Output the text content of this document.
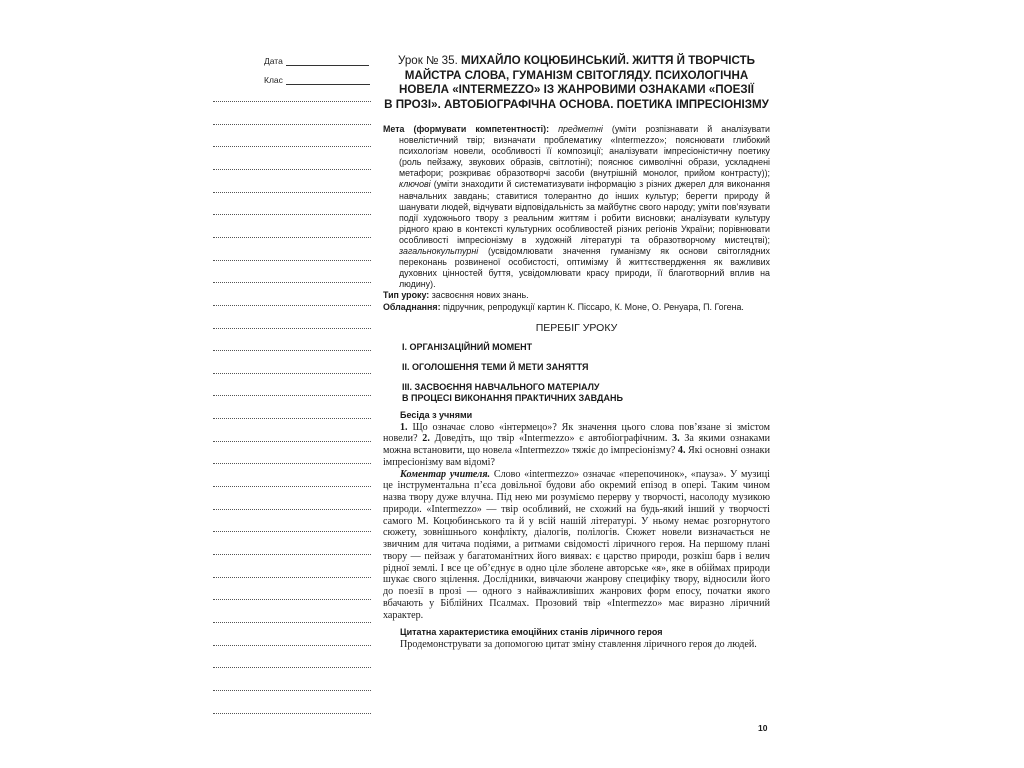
Дата
Клас
Урок № 35. МИХАЙЛО КОЦЮБИНСЬКИЙ. ЖИТТЯ Й ТВОРЧІСТЬ
МАЙСТРА СЛОВА, ГУМАНІЗМ СВІТОГЛЯДУ. ПСИХОЛОГІЧНА
НОВЕЛА «INTERMEZZO» ІЗ ЖАНРОВИМИ ОЗНАКАМИ «ПОЕЗІЇ
В ПРОЗІ». АВТОБІОГРАФІЧНА ОСНОВА. ПОЕТИКА ІМПРЕСІОНІЗМУ
Мета (формувати компетентності): предметні (уміти розпізнавати й аналізувати новелістичний твір; визначати проблематику «Intermezzo»; пояснювати глибокий психологізм новели, особливості її композиції; аналізувати імпресіоністичну поетику (роль пейзажу, звукових образів, світлотіні); пояснює символічні образи, ускладнені метафори; розкриває образотворчі засоби (внутрішній монолог, прийом контрасту)); ключові (уміти знаходити й систематизувати інформацію з різних джерел для виконання навчальних завдань; ставитися толерантно до інших культур; берегти природу й шанувати людей, відчувати відповідальність за майбутнє свого народу; уміти пов’язувати події художнього твору з реальним життям і робити висновки; аналізувати культуру рідного краю в контексті культурних особливостей різних регіонів України; порівнювати особливості імпресіонізму в художній літературі та образотворчому мистецтві); загальнокультурні (усвідомлювати значення гуманізму як основи світоглядних переконань розвиненої особистості, оптимізму й життєствердження як важливих духовних цінностей буття, усвідомлювати красу природи, її благотворний вплив на людину).
Тип уроку: засвоєння нових знань.
Обладнання: підручник, репродукції картин К. Піссаро, К. Моне, О. Ренуара, П. Гогена.
ПЕРЕБІГ УРОКУ
I. ОРГАНІЗАЦІЙНИЙ МОМЕНТ
II. ОГОЛОШЕННЯ ТЕМИ Й МЕТИ ЗАНЯТТЯ
III. ЗАСВОЄННЯ НАВЧАЛЬНОГО МАТЕРІАЛУ
В ПРОЦЕСІ ВИКОНАННЯ ПРАКТИЧНИХ ЗАВДАНЬ
Бесіда з учнями

1. Що означає слово «інтермецо»? Як значення цього слова пов’язане зі змістом новели? 2. Доведіть, що твір «Intermezzo» є автобіографічним. 3. За якими ознаками можна встановити, що новела «Intermezzo» тяжіє до імпресіонізму? 4. Які основні ознаки імпресіонізму вам відомі?

Коментар учителя. Слово «intermezzo» означає «перепочинок», «пауза». У музиці це інструментальна п’єса довільної будови або окремий епізод в опері. Таким чином назва твору дуже влучна. Під нею ми розуміємо перерву у творчості, насолоду музикою природи. «Intermezzo» — твір особливий, не схожий на будь-який інший у творчості самого М. Коцюбинського та й у всій нашій літературі. У ньому немає розгорнутого сюжету, зовнішнього конфлікту, діалогів, полілогів. Сюжет новели визначається не звичним для читача подіями, а ритмами свідомості ліричного героя. На першому плані твору — пейзаж у багатоманітних його виявах: є царство природи, розкіш барв і велич рідної землі. І все це об’єднує в одно ціле зболене авторське «я», яке в обіймах природи шукає свого зцілення. Дослідники, вивчаючи жанрову специфіку твору, відносили його до поезії в прозі — одного з найважливіших жанрових форм епосу, початки якого вбачають у Біблійних Псалмах. Прозовий твір «Intermezzo» має виразно ліричний характер.

Цитатна характеристика емоційних станів ліричного героя

Продемонструвати за допомогою цитат зміну ставлення ліричного героя до людей.

10
